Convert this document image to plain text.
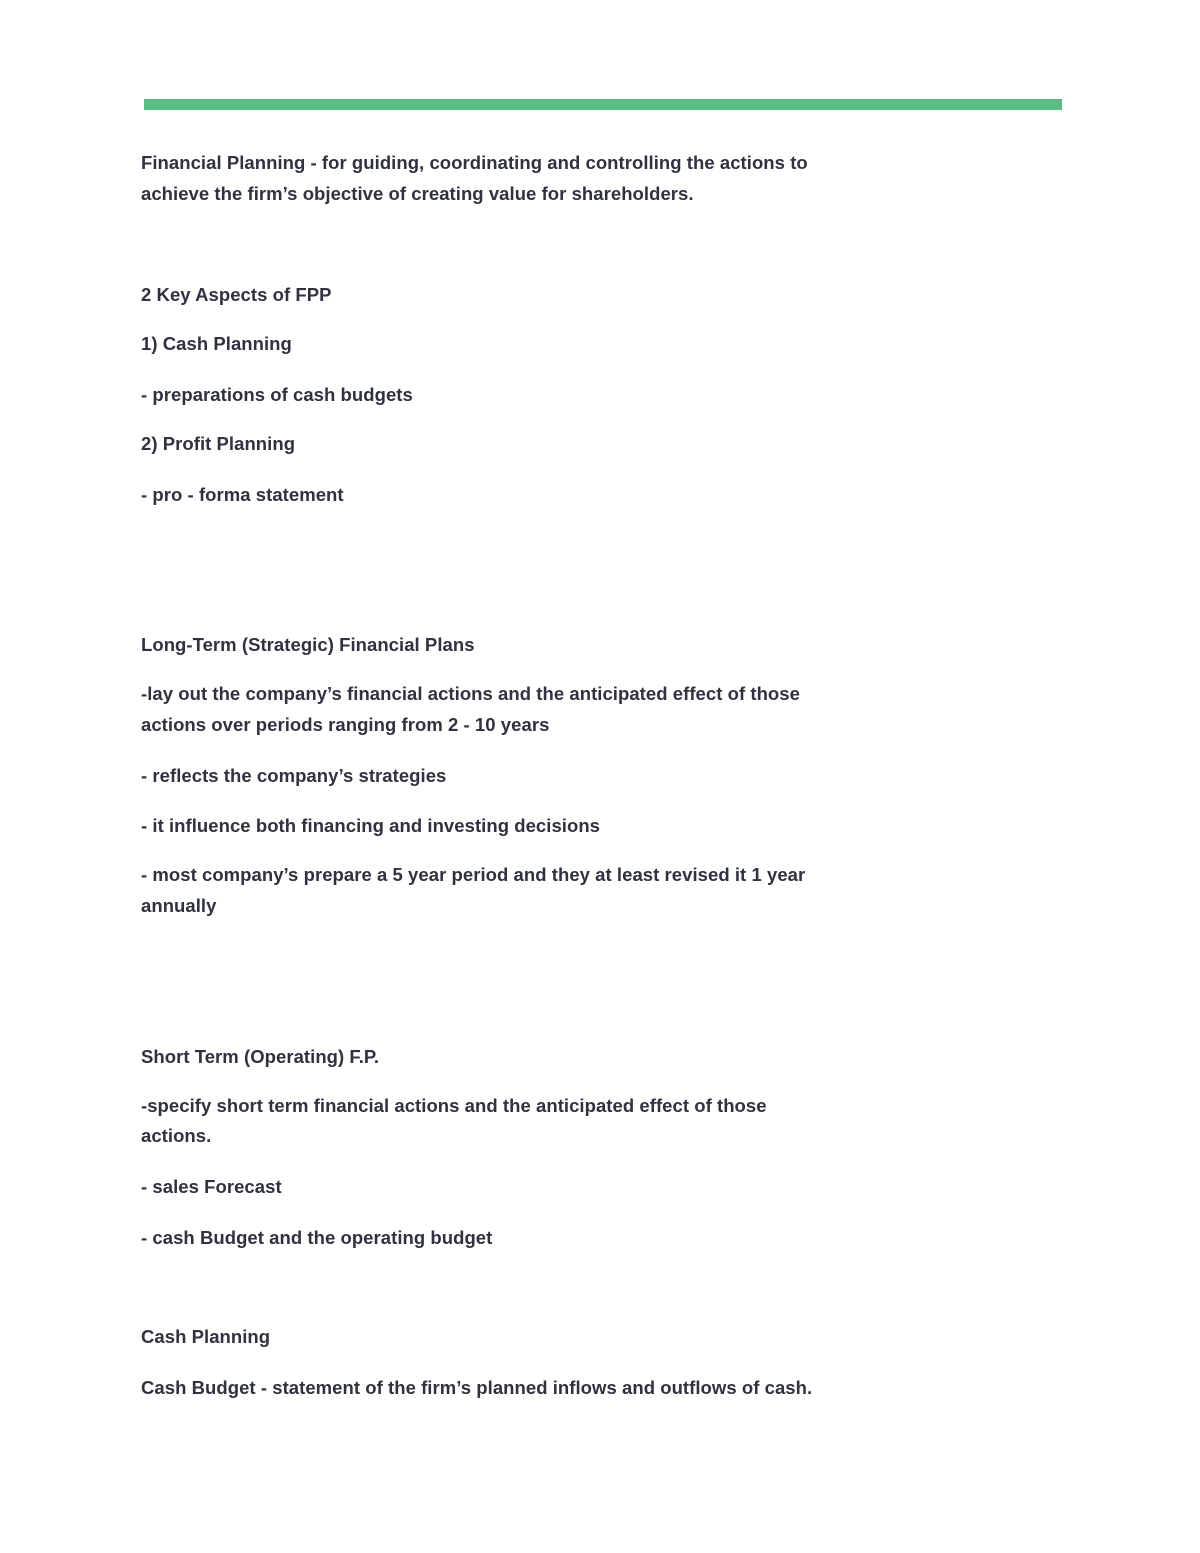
Financial Planning - for guiding, coordinating and controlling the actions to
achieve the firm’s objective of creating value for shareholders.
2 Key Aspects of FPP
1) Cash Planning
- preparations of cash budgets
2) Profit Planning
- pro - forma statement
Long-Term (Strategic) Financial Plans
-lay out the company’s financial actions and the anticipated effect of those
actions over periods ranging from 2 - 10 years
- reflects the company’s strategies
- it influence both financing and investing decisions
- most company’s prepare a 5 year period and they at least revised it 1 year
annually
Short Term (Operating) F.P.
-specify short term financial actions and the anticipated effect of those
actions.
- sales Forecast
- cash Budget and the operating budget
Cash Planning
Cash Budget - statement of the firm’s planned inflows and outflows of cash.
